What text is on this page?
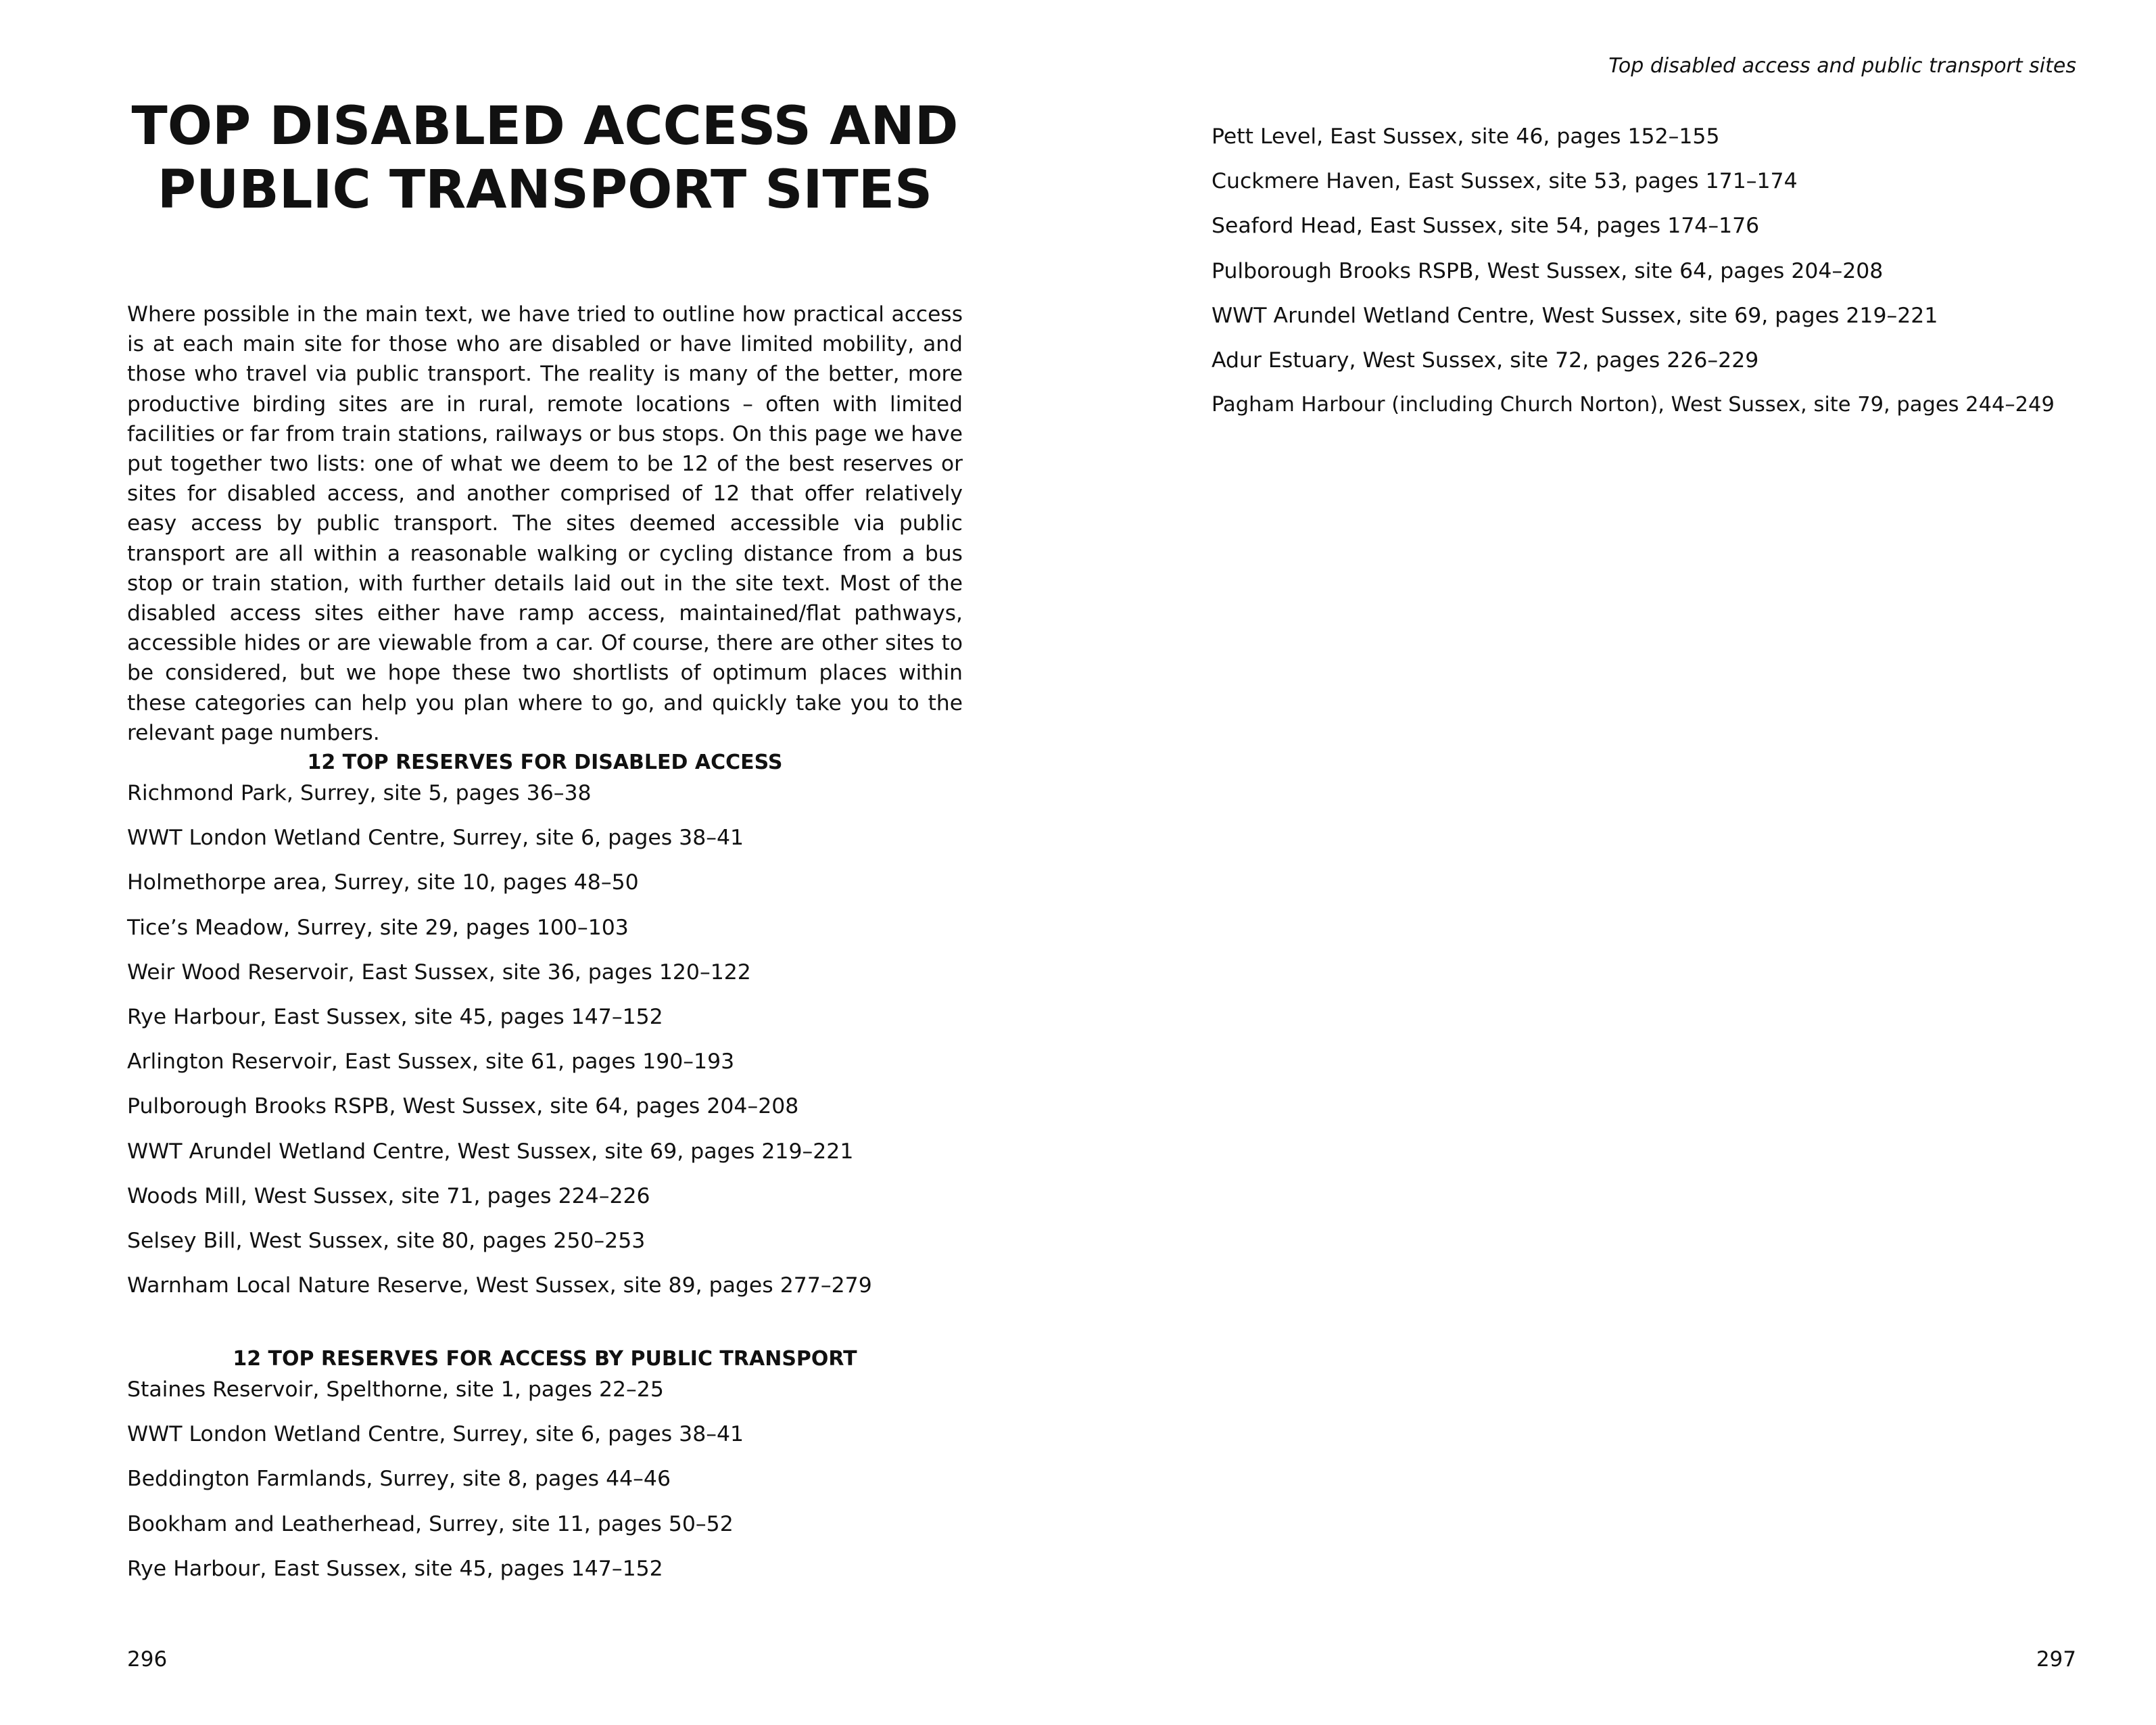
TOP DISABLED ACCESS AND
PUBLIC TRANSPORT SITES

Where possible in the main text, we have tried to outline how practical access is at each main site for those who are disabled or have limited mobility, and those who travel via public transport. The reality is many of the better, more productive birding sites are in rural, remote locations – often with limited facilities or far from train stations, railways or bus stops. On this page we have put together two lists: one of what we deem to be 12 of the best reserves or sites for disabled access, and another comprised of 12 that offer relatively easy access by public transport. The sites deemed accessible via public transport are all within a reasonable walking or cycling distance from a bus stop or train station, with further details laid out in the site text. Most of the disabled access sites either have ramp access, maintained/flat pathways, accessible hides or are viewable from a car. Of course, there are other sites to be considered, but we hope these two shortlists of optimum places within these categories can help you plan where to go, and quickly take you to the relevant page numbers.

12 TOP RESERVES FOR DISABLED ACCESS
Richmond Park, Surrey, site 5, pages 36–38
WWT London Wetland Centre, Surrey, site 6, pages 38–41
Holmethorpe area, Surrey, site 10, pages 48–50
Tice’s Meadow, Surrey, site 29, pages 100–103
Weir Wood Reservoir, East Sussex, site 36, pages 120–122
Rye Harbour, East Sussex, site 45, pages 147–152
Arlington Reservoir, East Sussex, site 61, pages 190–193
Pulborough Brooks RSPB, West Sussex, site 64, pages 204–208
WWT Arundel Wetland Centre, West Sussex, site 69, pages 219–221
Woods Mill, West Sussex, site 71, pages 224–226
Selsey Bill, West Sussex, site 80, pages 250–253
Warnham Local Nature Reserve, West Sussex, site 89, pages 277–279
12 TOP RESERVES FOR ACCESS BY PUBLIC TRANSPORT
Staines Reservoir, Spelthorne, site 1, pages 22–25
WWT London Wetland Centre, Surrey, site 6, pages 38–41
Beddington Farmlands, Surrey, site 8, pages 44–46
Bookham and Leatherhead, Surrey, site 11, pages 50–52
Rye Harbour, East Sussex, site 45, pages 147–152
296
Top disabled access and public transport sites
Pett Level, East Sussex, site 46, pages 152–155
Cuckmere Haven, East Sussex, site 53, pages 171–174
Seaford Head, East Sussex, site 54, pages 174–176
Pulborough Brooks RSPB, West Sussex, site 64, pages 204–208
WWT Arundel Wetland Centre, West Sussex, site 69, pages 219–221
Adur Estuary, West Sussex, site 72, pages 226–229
Pagham Harbour (including Church Norton), West Sussex, site 79, pages 244–249
297
